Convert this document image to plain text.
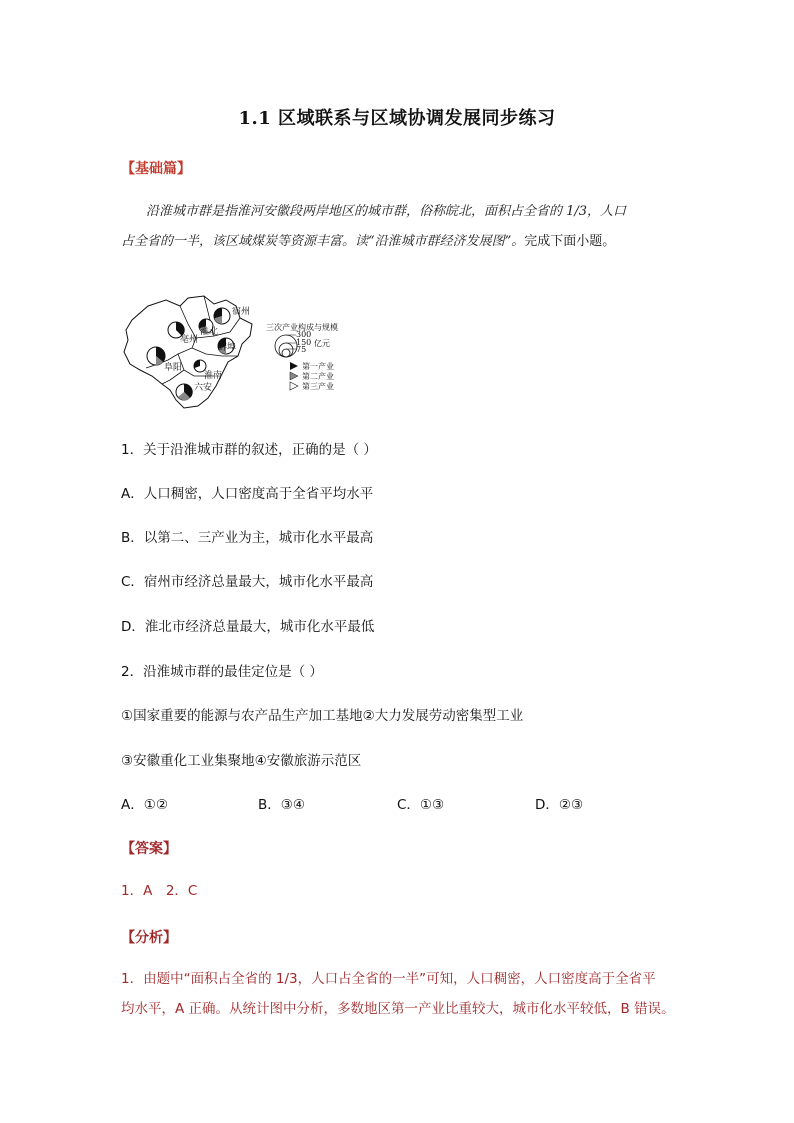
1.1 区域联系与区域协调发展同步练习
【基础篇】
沿淮城市群是指淮河安徽段两岸地区的城市群，俗称皖北，面积占全省的 1/3，人口
占全省的一半，该区域煤炭等资源丰富。读“沿淮城市群经济发展图”。完成下面小题。
宿州
淮北
亳州
蚌埠
阜阳
淮南
六安
三次产业构成与规模
300
150
75
亿元
第一产业
第二产业
第三产业
1．关于沿淮城市群的叙述，正确的是（ ）
A．人口稠密，人口密度高于全省平均水平
B．以第二、三产业为主，城市化水平最高
C．宿州市经济总量最大，城市化水平最高
D．淮北市经济总量最大，城市化水平最低
2．沿淮城市群的最佳定位是（ ）
①国家重要的能源与农产品生产加工基地②大力发展劳动密集型工业
③安徽重化工业集聚地④安徽旅游示范区
A．①②	B．③④	C．①③	D．②③
【答案】
1．A　2．C
【分析】
1．由题中“面积占全省的 1/3，人口占全省的一半”可知，人口稠密，人口密度高于全省平
均水平，A 正确。从统计图中分析，多数地区第一产业比重较大，城市化水平较低，B 错误。
